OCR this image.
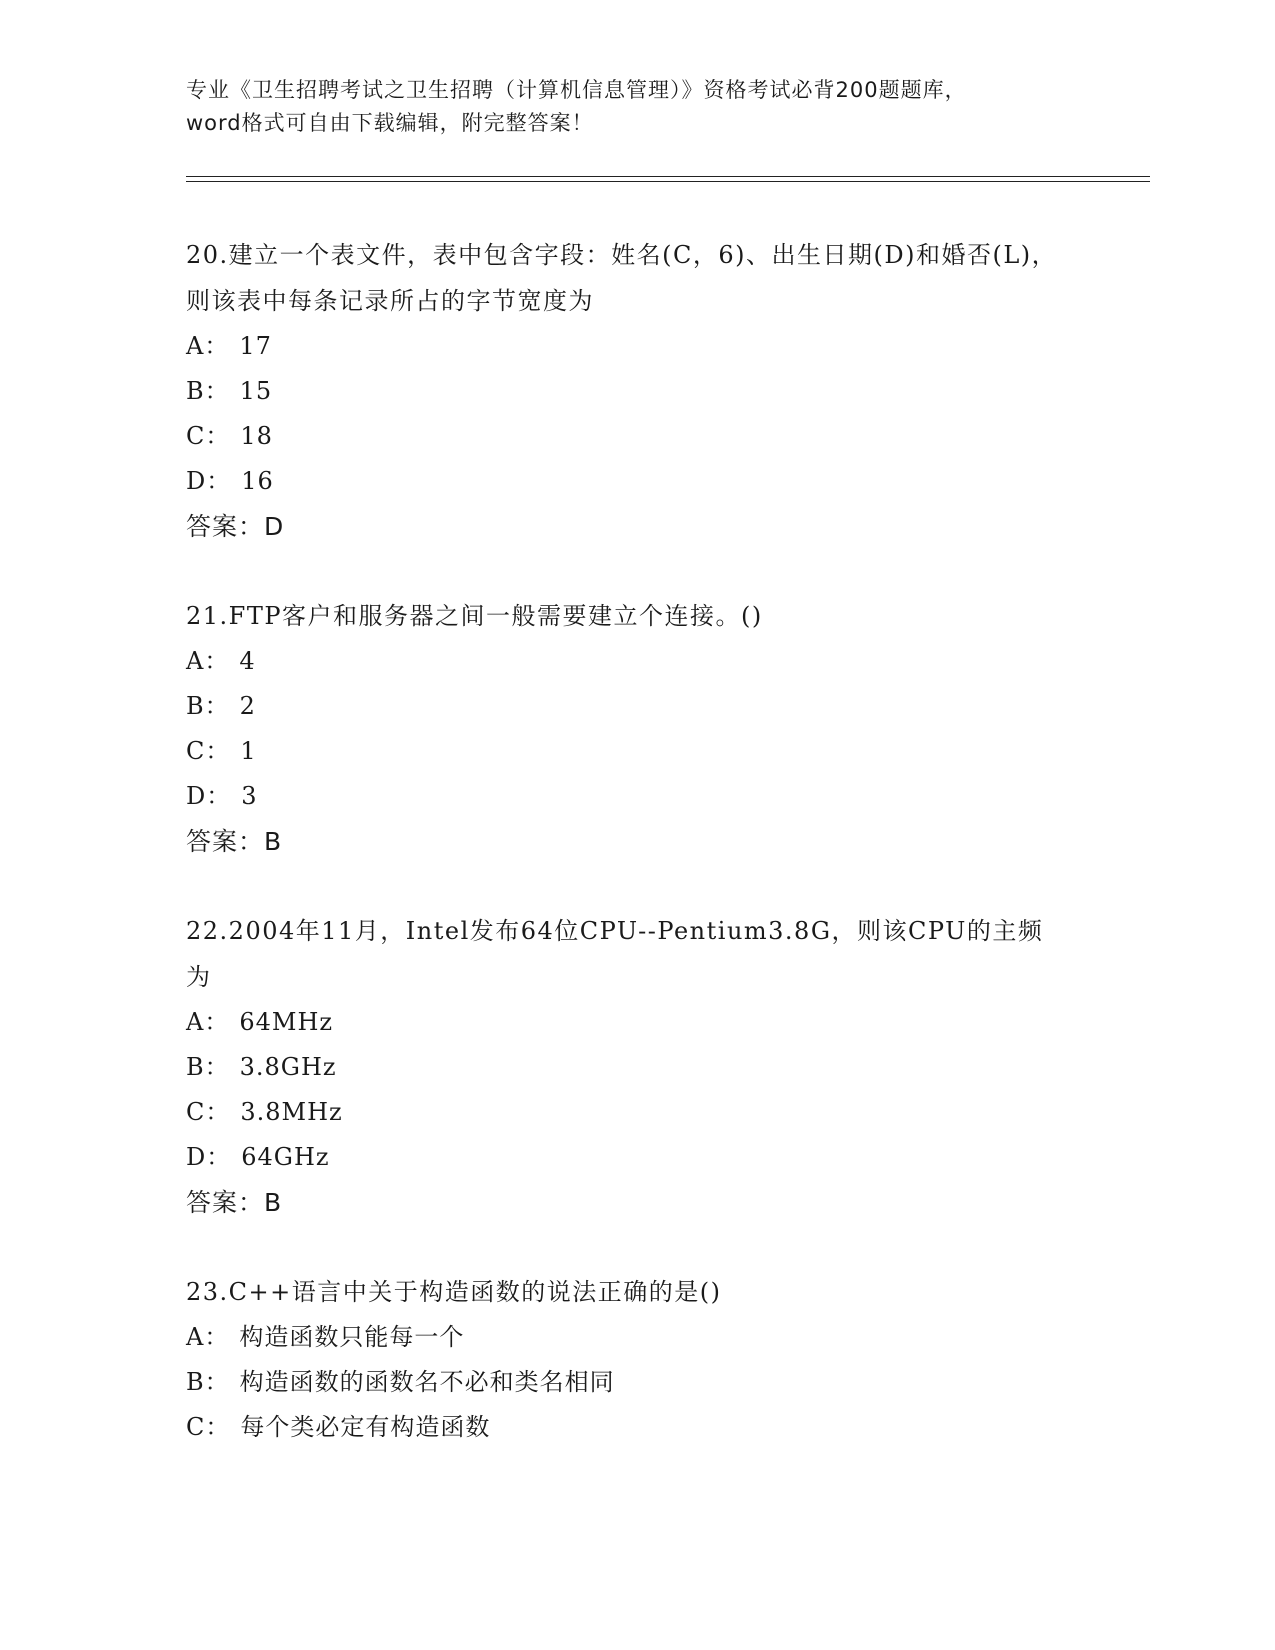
专业《卫生招聘考试之卫生招聘（计算机信息管理）》资格考试必背200题题库，
word格式可自由下载编辑，附完整答案！
20.建立一个表文件，表中包含字段：姓名(C，6)、出生日期(D)和婚否(L)，则该表中每条记录所占的字节宽度为
A： 17
B： 15
C： 18
D： 16
答案：D
21.FTP客户和服务器之间一般需要建立个连接。()
A： 4
B： 2
C： 1
D： 3
答案：B
22.2004年11月，Intel发布64位CPU--Pentium3.8G，则该CPU的主频为
A： 64MHz
B： 3.8GHz
C： 3.8MHz
D： 64GHz
答案：B
23.C++语言中关于构造函数的说法正确的是()
A： 构造函数只能每一个
B： 构造函数的函数名不必和类名相同
C： 每个类必定有构造函数
